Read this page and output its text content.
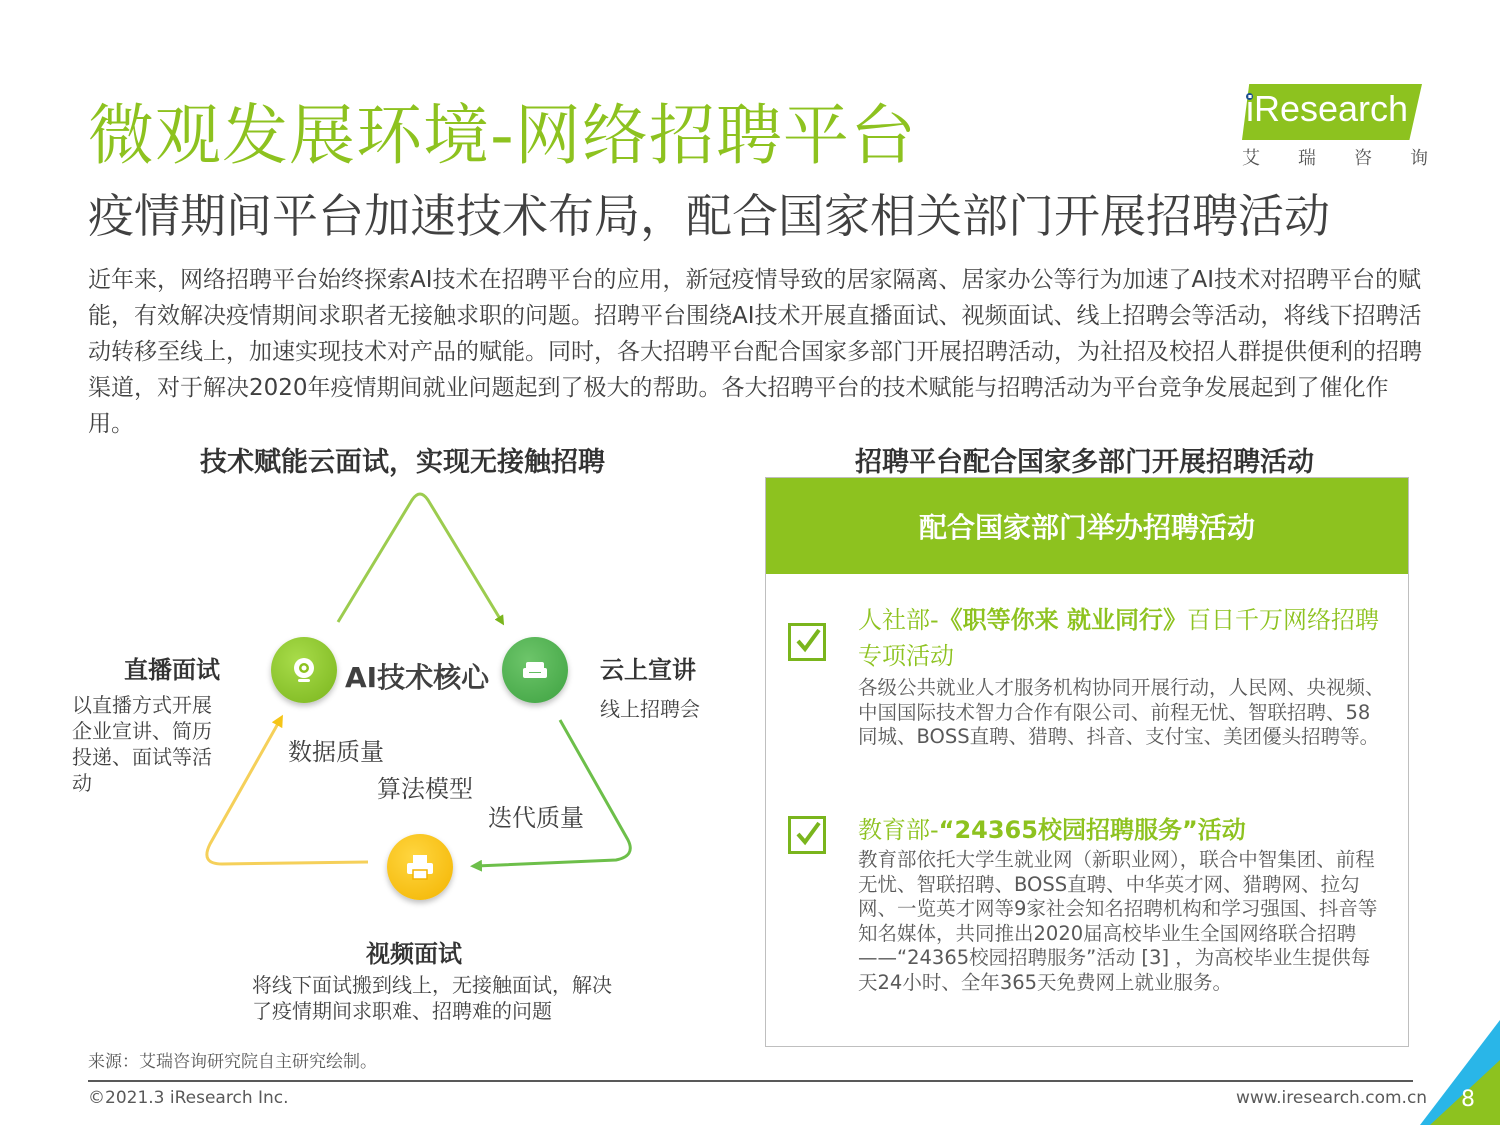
微观发展环境-网络招聘平台
疫情期间平台加速技术布局，配合国家相关部门开展招聘活动
iResearch
艾 瑞 咨 询

近年来，网络招聘平台始终探索AI技术在招聘平台的应用，新冠疫情导致的居家隔离、居家办公等行为加速了AI技术对招聘平台的赋能，有效解决疫情期间求职者无接触求职的问题。招聘平台围绕AI技术开展直播面试、视频面试、线上招聘会等活动，将线下招聘活动转移至线上，加速实现技术对产品的赋能。同时，各大招聘平台配合国家多部门开展招聘活动，为社招及校招人群提供便利的招聘渠道，对于解决2020年疫情期间就业问题起到了极大的帮助。各大招聘平台的技术赋能与招聘活动为平台竞争发展起到了催化作用。

技术赋能云面试，实现无接触招聘	招聘平台配合国家多部门开展招聘活动
AI技术核心
数据质量
算法模型
迭代质量
直播面试
以直播方式开展企业宣讲、简历投递、面试等活动
云上宣讲
线上招聘会
视频面试
将线下面试搬到线上，无接触面试，解决了疫情期间求职难、招聘难的问题
配合国家部门举办招聘活动
人社部-《职等你来 就业同行》百日千万网络招聘专项活动
各级公共就业人才服务机构协同开展行动，人民网、央视频、中国国际技术智力合作有限公司、前程无忧、智联招聘、58同城、BOSS直聘、猎聘、抖音、支付宝、美团優头招聘等。
教育部-“24365校园招聘服务”活动
教育部依托大学生就业网（新职业网），联合中智集团、前程无忧、智联招聘、BOSS直聘、中华英才网、猎聘网、拉勾网、一览英才网等9家社会知名招聘机构和学习强国、抖音等知名媒体，共同推出2020届高校毕业生全国网络联合招聘——“24365校园招聘服务”活动 [3] ，为高校毕业生提供每天24小时、全年365天免费网上就业服务。
来源：艾瑞咨询研究院自主研究绘制。
©2021.3 iResearch Inc.	www.iresearch.com.cn 8
